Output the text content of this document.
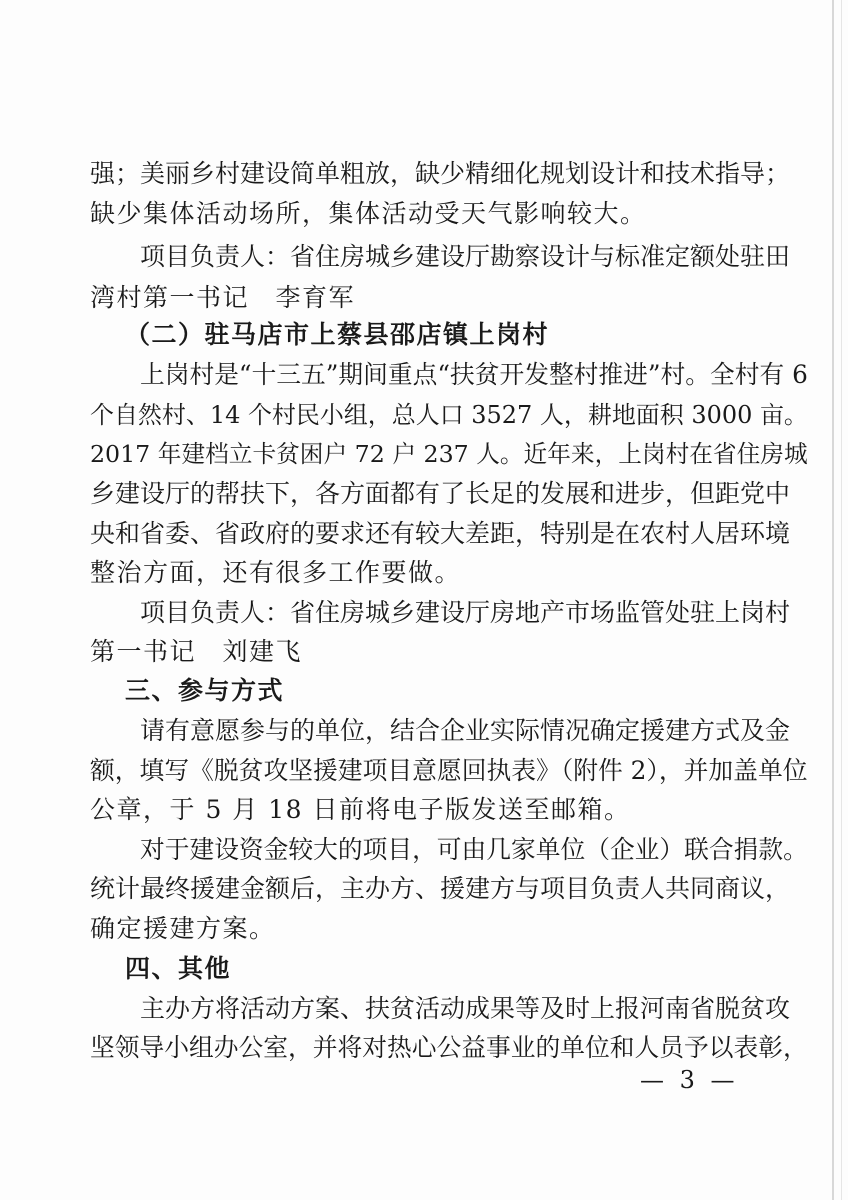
强；美丽乡村建设简单粗放，缺少精细化规划设计和技术指导；
缺少集体活动场所，集体活动受天气影响较大。
项目负责人：省住房城乡建设厅勘察设计与标准定额处驻田
湾村第一书记　李育军
（二）驻马店市上蔡县邵店镇上岗村
上岗村是“十三五”期间重点“扶贫开发整村推进”村。全村有 6
个自然村、14 个村民小组，总人口 3527 人，耕地面积 3000 亩。
2017 年建档立卡贫困户 72 户 237 人。近年来，上岗村在省住房城
乡建设厅的帮扶下，各方面都有了长足的发展和进步，但距党中
央和省委、省政府的要求还有较大差距，特别是在农村人居环境
整治方面，还有很多工作要做。
项目负责人：省住房城乡建设厅房地产市场监管处驻上岗村
第一书记　刘建飞
三、参与方式
请有意愿参与的单位，结合企业实际情况确定援建方式及金
额，填写《脱贫攻坚援建项目意愿回执表》（附件 2），并加盖单位
公章，于 5 月 18 日前将电子版发送至邮箱。
对于建设资金较大的项目，可由几家单位（企业）联合捐款。
统计最终援建金额后，主办方、援建方与项目负责人共同商议，
确定援建方案。
四、其他
主办方将活动方案、扶贫活动成果等及时上报河南省脱贫攻
坚领导小组办公室，并将对热心公益事业的单位和人员予以表彰，
— 3 —
